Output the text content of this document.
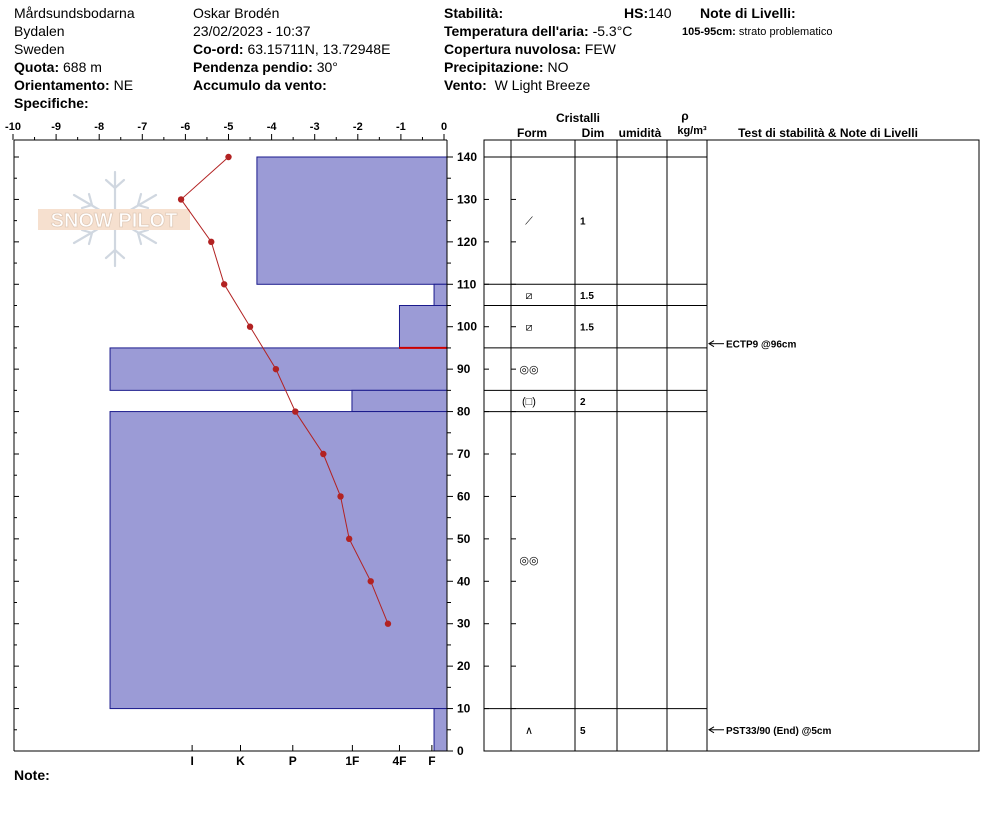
Mårdsundsbodarna
Bydalen
Sweden
Quota: 688 m
Orientamento: NE
Specifiche:
Oskar Brodén
23/02/2023 - 10:37
Co-ord: 63.15711N, 13.72948E
Pendenza pendio: 30°
Accumulo da vento:
Stabilità:
Temperatura dell'aria: -5.3°C
Copertura nuvolosa: FEW
Precipitazione: NO
Vento: W Light Breeze
HS:140 Note di Livelli:
105-95cm: strato problematico
Note:
SNOW PILOT
-10	-9	-8	-7	-6	-5	-4	-3	-2	-1	0
0
10
20
30
40
50
60
70
80
90
100
110
120
130
140
I	K	P	1F	4F F
Cristalli
Form	Dim umidità
ρ
kg/m³	Test di stabilità & Note di Livelli
⟋	1
⧄	1.5
⧄	1.5
◎◎
(□)	2
◎◎
∧	5
ECTP9 @96cm
PST33/90 (End) @5cm
